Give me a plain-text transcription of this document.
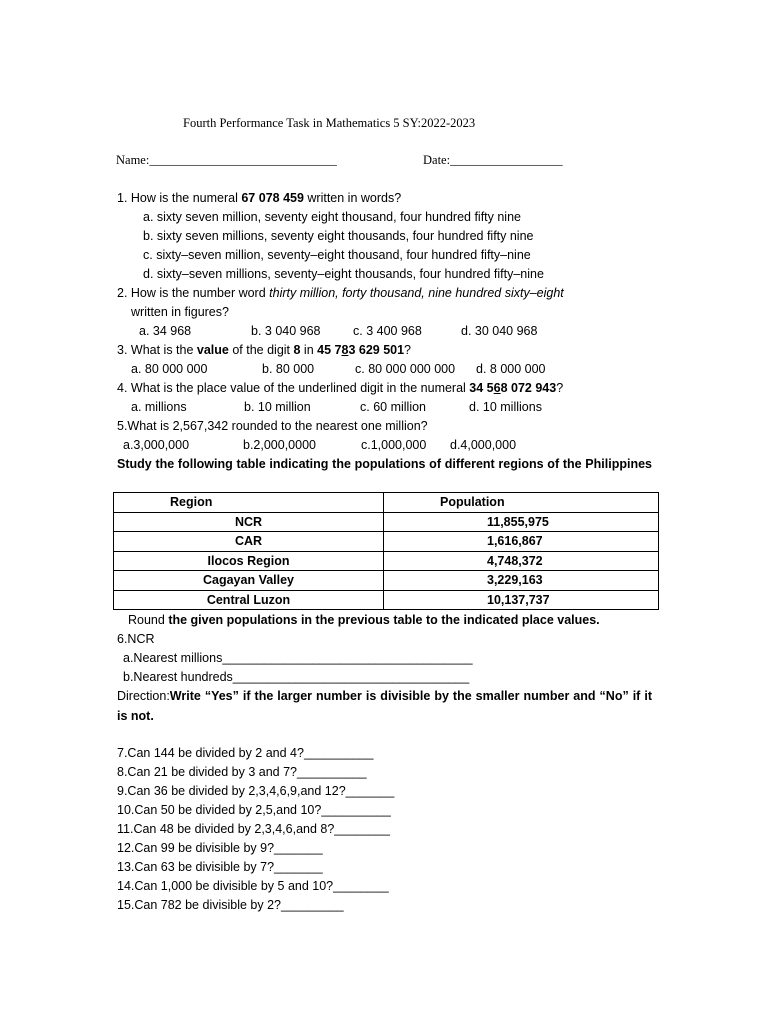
Fourth Performance Task in Mathematics 5 SY:2022-2023
Name:______________________________	Date:__________________
1. How is the numeral 67 078 459 written in words?
a. sixty seven million, seventy eight thousand, four hundred fifty nine
b. sixty seven millions, seventy eight thousands, four hundred fifty nine
c. sixty–seven million, seventy–eight thousand, four hundred fifty–nine
d. sixty–seven millions, seventy–eight thousands, four hundred fifty–nine
2. How is the number word thirty million, forty thousand, nine hundred sixty–eight
written in figures?
a. 34 968	b. 3 040 968	c. 3 400 968	d. 30 040 968
3. What is the value of the digit 8 in 45 783 629 501?
a. 80 000 000	b. 80 000	c. 80 000 000 000 d. 8 000 000
4. What is the place value of the underlined digit in the numeral 34 568 072 943?
a. millions	b. 10 million	c. 60 million	d. 10 millions
5.What is 2,567,342 rounded to the nearest one million?
a.3,000,000	b.2,000,0000	c.1,000,000 d.4,000,000
Study the following table indicating the populations of different regions of the Philippines
Region	Population
NCR	11,855,975
CAR	1,616,867
Ilocos Region	4,748,372
Cagayan Valley	3,229,163
Central Luzon	10,137,737
Round the given populations in the previous table to the indicated place values.
6.NCR
a.Nearest millions____________________________________
b.Nearest hundreds__________________________________
Direction:Write “Yes” if the larger number is divisible by the smaller number and “No” if it is not.
7.Can 144 be divided by 2 and 4?__________
8.Can 21 be divided by 3 and 7?__________
9.Can 36 be divided by 2,3,4,6,9,and 12?_______
10.Can 50 be divided by 2,5,and 10?__________
11.Can 48 be divided by 2,3,4,6,and 8?________
12.Can 99 be divisible by 9?_______
13.Can 63 be divisible by 7?_______
14.Can 1,000 be divisible by 5 and 10?________
15.Can 782 be divisible by 2?_________
